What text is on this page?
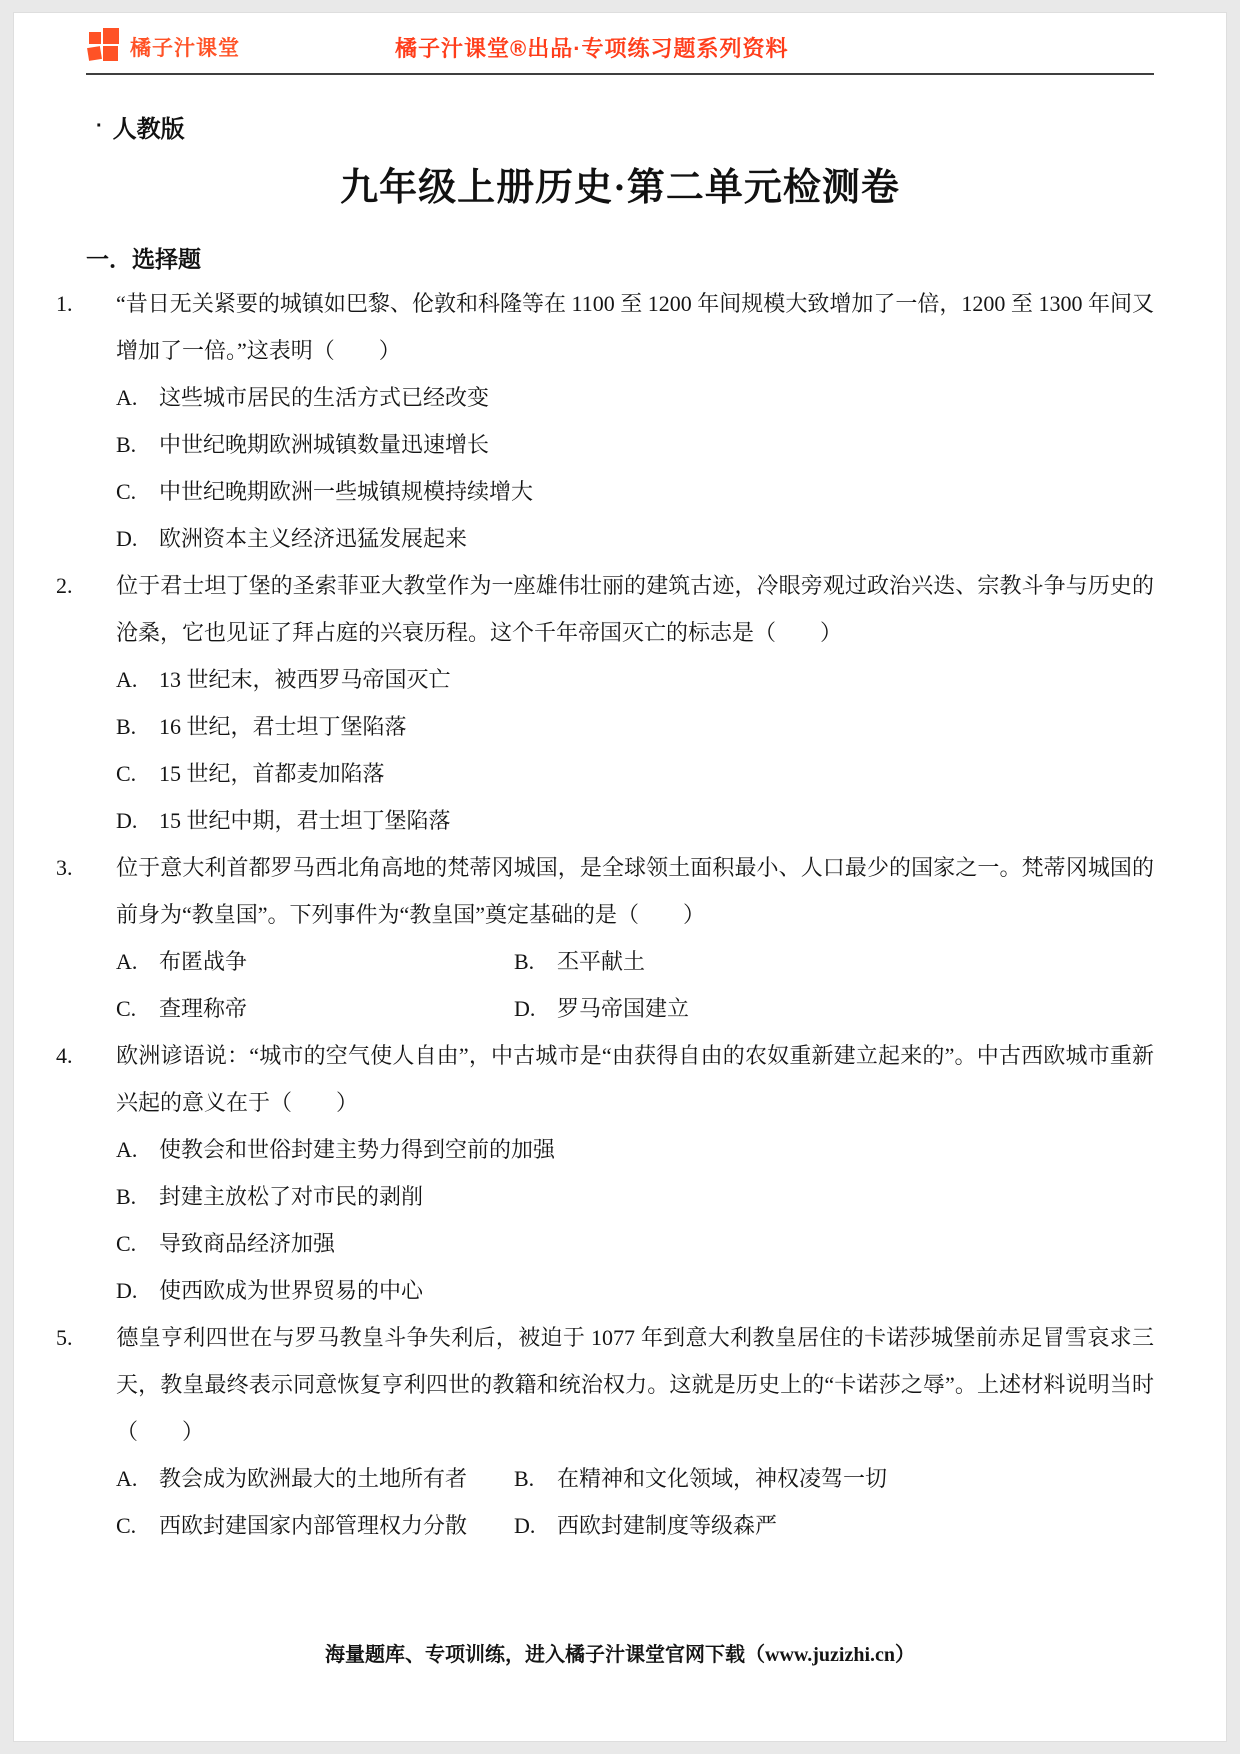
橘子汁课堂	橘子汁课堂®出品·专项练习题系列资料
· 人教版
九年级上册历史·第二单元检测卷
一．选择题
1. “昔日无关紧要的城镇如巴黎、伦敦和科隆等在 1100 至 1200 年间规模大致增加了一倍，1200 至 1300 年间又增加了一倍。”这表明（　　）
A. 这些城市居民的生活方式已经改变
B. 中世纪晚期欧洲城镇数量迅速增长
C. 中世纪晚期欧洲一些城镇规模持续增大
D. 欧洲资本主义经济迅猛发展起来
2. 位于君士坦丁堡的圣索菲亚大教堂作为一座雄伟壮丽的建筑古迹，冷眼旁观过政治兴迭、宗教斗争与历史的沧桑，它也见证了拜占庭的兴衰历程。这个千年帝国灭亡的标志是（　　）
A. 13 世纪末，被西罗马帝国灭亡
B. 16 世纪，君士坦丁堡陷落
C. 15 世纪，首都麦加陷落
D. 15 世纪中期，君士坦丁堡陷落
3. 位于意大利首都罗马西北角高地的梵蒂冈城国，是全球领土面积最小、人口最少的国家之一。梵蒂冈城国的前身为“教皇国”。下列事件为“教皇国”奠定基础的是（　　）
A. 布匿战争	B. 丕平献土
C. 查理称帝	D. 罗马帝国建立
4. 欧洲谚语说：“城市的空气使人自由”，中古城市是“由获得自由的农奴重新建立起来的”。中古西欧城市重新兴起的意义在于（　　）
A. 使教会和世俗封建主势力得到空前的加强
B. 封建主放松了对市民的剥削
C. 导致商品经济加强
D. 使西欧成为世界贸易的中心
5. 德皇亨利四世在与罗马教皇斗争失利后，被迫于 1077 年到意大利教皇居住的卡诺莎城堡前赤足冒雪哀求三天，教皇最终表示同意恢复亨利四世的教籍和统治权力。这就是历史上的“卡诺莎之辱”。上述材料说明当时（　　）
A. 教会成为欧洲最大的土地所有者	B. 在精神和文化领域，神权凌驾一切
C. 西欧封建国家内部管理权力分散	D. 西欧封建制度等级森严
海量题库、专项训练，进入橘子汁课堂官网下载（www.juzizhi.cn）
